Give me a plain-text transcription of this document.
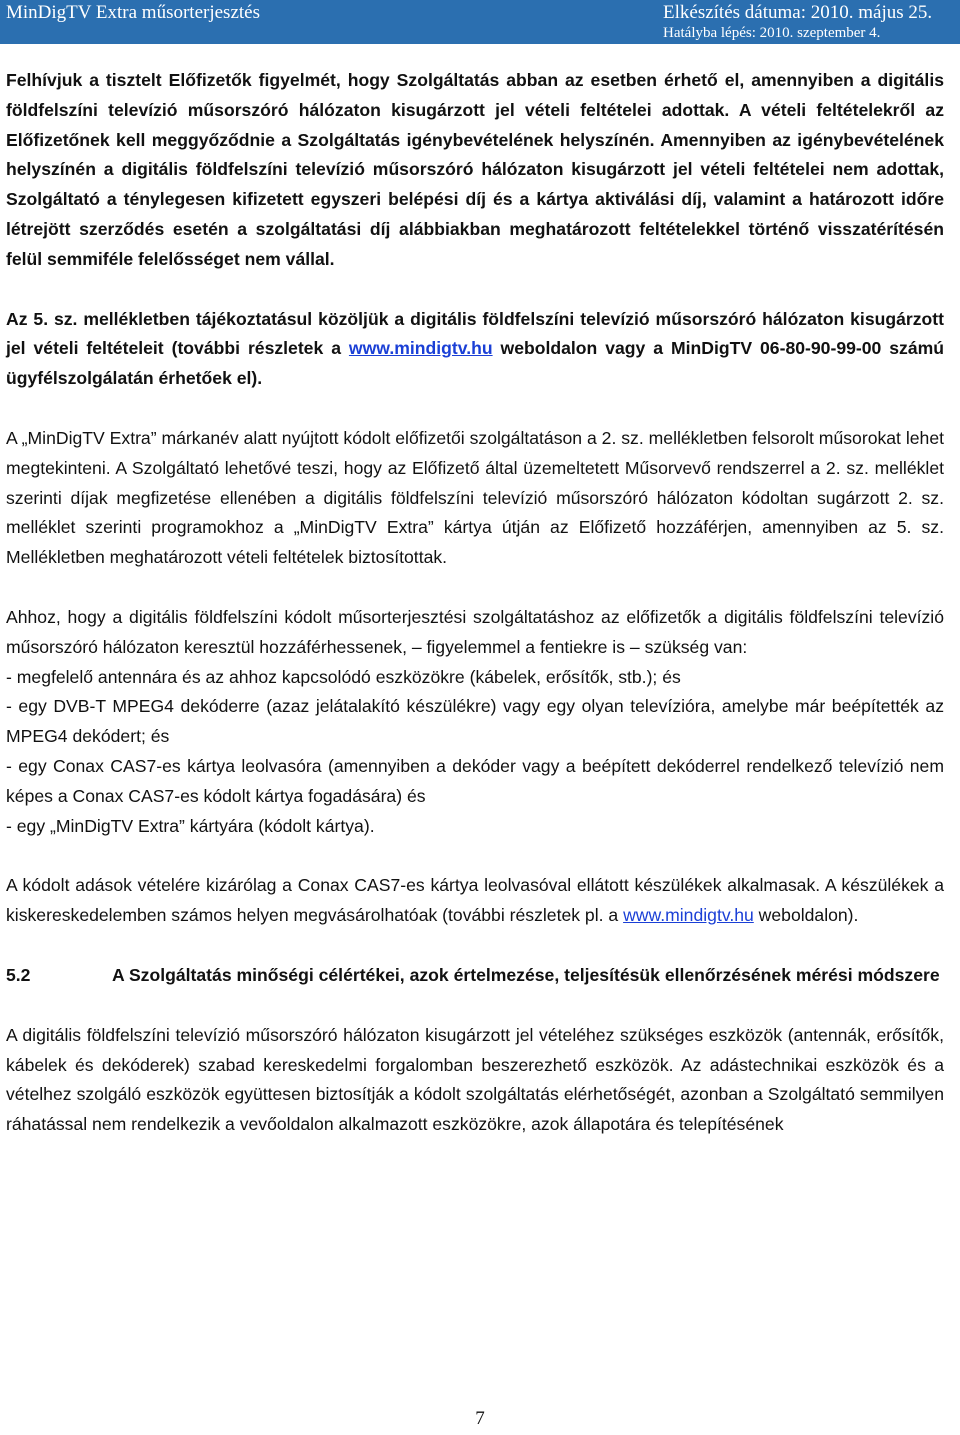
MinDigTV Extra műsorterjesztés	Elkészítés dátuma: 2010. május 25.
Hatályba lépés: 2010. szeptember 4.

Felhívjuk a tisztelt Előfizetők figyelmét, hogy Szolgáltatás abban az esetben érhető el, amennyiben a digitális földfelszíni televízió műsorszóró hálózaton kisugárzott jel vételi feltételei adottak. A vételi feltételekről az Előfizetőnek kell meggyőződnie a Szolgáltatás igénybevételének helyszínén. Amennyiben az igénybevételének helyszínén a digitális földfelszíni televízió műsorszóró hálózaton kisugárzott jel vételi feltételei nem adottak, Szolgáltató a ténylegesen kifizetett egyszeri belépési díj és a kártya aktiválási díj, valamint a határozott időre létrejött szerződés esetén a szolgáltatási díj alábbiakban meghatározott feltételekkel történő visszatérítésén felül semmiféle felelősséget nem vállal.

Az 5. sz. mellékletben tájékoztatásul közöljük a digitális földfelszíni televízió műsorszóró hálózaton kisugárzott jel vételi feltételeit (további részletek a www.mindigtv.hu weboldalon vagy a MinDigTV 06-80-90-99-00 számú ügyfélszolgálatán érhetőek el).

A „MinDigTV Extra” márkanév alatt nyújtott kódolt előfizetői szolgáltatáson a 2. sz. mellékletben felsorolt műsorokat lehet megtekinteni. A Szolgáltató lehetővé teszi, hogy az Előfizető által üzemeltetett Műsorvevő rendszerrel a 2. sz. melléklet szerinti díjak megfizetése ellenében a digitális földfelszíni televízió műsorszóró hálózaton kódoltan sugárzott 2. sz. melléklet szerinti programokhoz a „MinDigTV Extra” kártya útján az Előfizető hozzáférjen, amennyiben az 5. sz. Mellékletben meghatározott vételi feltételek biztosítottak.

Ahhoz, hogy a digitális földfelszíni kódolt műsorterjesztési szolgáltatáshoz az előfizetők a digitális földfelszíni televízió műsorszóró hálózaton keresztül hozzáférhessenek, – figyelemmel a fentiekre is – szükség van:

- megfelelő antennára és az ahhoz kapcsolódó eszközökre (kábelek, erősítők, stb.); és

- egy DVB-T MPEG4 dekóderre (azaz jelátalakító készülékre) vagy egy olyan televízióra, amelybe már beépítették az MPEG4 dekódert; és

- egy Conax CAS7-es kártya leolvasóra (amennyiben a dekóder vagy a beépített dekóderrel rendelkező televízió nem képes a Conax CAS7-es kódolt kártya fogadására) és

- egy „MinDigTV Extra” kártyára (kódolt kártya).

A kódolt adások vételére kizárólag a Conax CAS7-es kártya leolvasóval ellátott készülékek alkalmasak. A készülékek a kiskereskedelemben számos helyen megvásárolhatóak (további részletek pl. a www.mindigtv.hu weboldalon).

5.2	A Szolgáltatás minőségi célértékei, azok értelmezése, teljesítésük ellenőrzésének mérési módszere

A digitális földfelszíni televízió műsorszóró hálózaton kisugárzott jel vételéhez szükséges eszközök (antennák, erősítők, kábelek és dekóderek) szabad kereskedelmi forgalomban beszerezhető eszközök. Az adástechnikai eszközök és a vételhez szolgáló eszközök együttesen biztosítják a kódolt szolgáltatás elérhetőségét, azonban a Szolgáltató semmilyen ráhatással nem rendelkezik a vevőoldalon alkalmazott eszközökre, azok állapotára és telepítésének

7
